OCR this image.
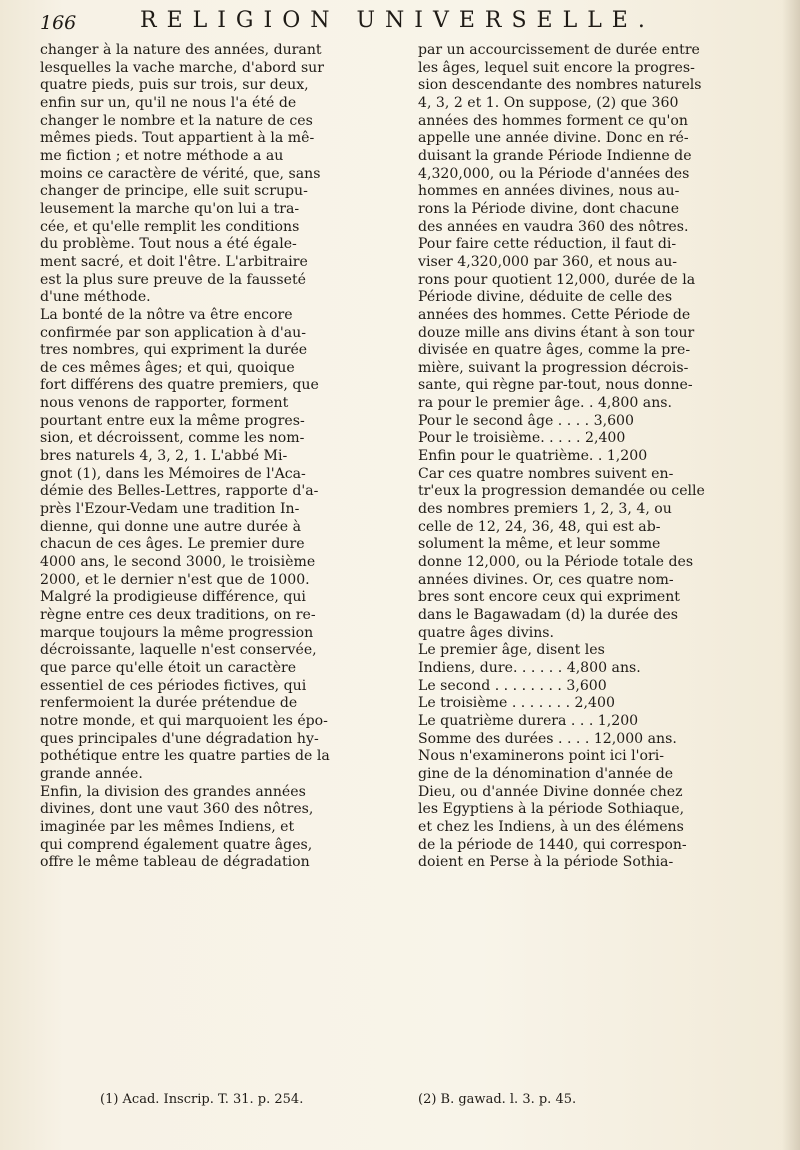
166	RELIGION UNIVERSELLE.
changer à la nature des années, durant
lesquelles la vache marche, d'abord sur
quatre pieds, puis sur trois, sur deux,
enfin sur un, qu'il ne nous l'a été de
changer le nombre et la nature de ces
mêmes pieds. Tout appartient à la mê-
me fiction ; et notre méthode a au
moins ce caractère de vérité, que, sans
changer de principe, elle suit scrupu-
leusement la marche qu'on lui a tra-
cée, et qu'elle remplit les conditions
du problème. Tout nous a été égale-
ment sacré, et doit l'être. L'arbitraire
est la plus sure preuve de la fausseté
d'une méthode.
La bonté de la nôtre va être encore
confirmée par son application à d'au-
tres nombres, qui expriment la durée
de ces mêmes âges; et qui, quoique
fort différens des quatre premiers, que
nous venons de rapporter, forment
pourtant entre eux la même progres-
sion, et décroissent, comme les nom-
bres naturels 4, 3, 2, 1. L'abbé Mi-
gnot (1), dans les Mémoires de l'Aca-
démie des Belles-Lettres, rapporte d'a-
près l'Ezour-Vedam une tradition In-
dienne, qui donne une autre durée à
chacun de ces âges. Le premier dure
4000 ans, le second 3000, le troisième
2000, et le dernier n'est que de 1000.
Malgré la prodigieuse différence, qui
règne entre ces deux traditions, on re-
marque toujours la même progression
décroissante, laquelle n'est conservée,
que parce qu'elle étoit un caractère
essentiel de ces périodes fictives, qui
renfermoient la durée prétendue de
notre monde, et qui marquoient les épo-
ques principales d'une dégradation hy-
pothétique entre les quatre parties de la
grande année.
Enfin, la division des grandes années
divines, dont une vaut 360 des nôtres,
imaginée par les mêmes Indiens, et
qui comprend également quatre âges,
offre le même tableau de dégradation
par un accourcissement de durée entre
les âges, lequel suit encore la progres-
sion descendante des nombres naturels
4, 3, 2 et 1. On suppose, (2) que 360
années des hommes forment ce qu'on
appelle une année divine. Donc en ré-
duisant la grande Période Indienne de
4,320,000, ou la Période d'années des
hommes en années divines, nous au-
rons la Période divine, dont chacune
des années en vaudra 360 des nôtres.
Pour faire cette réduction, il faut di-
viser 4,320,000 par 360, et nous au-
rons pour quotient 12,000, durée de la
Période divine, déduite de celle des
années des hommes. Cette Période de
douze mille ans divins étant à son tour
divisée en quatre âges, comme la pre-
mière, suivant la progression décrois-
sante, qui règne par-tout, nous donne-
ra pour le premier âge. . 4,800 ans.
Pour le second âge . . . . 3,600
Pour le troisième. . . . . 2,400
Enfin pour le quatrième. . 1,200
Car ces quatre nombres suivent en-
tr'eux la progression demandée ou celle
des nombres premiers 1, 2, 3, 4, ou
celle de 12, 24, 36, 48, qui est ab-
solument la même, et leur somme
donne 12,000, ou la Période totale des
années divines. Or, ces quatre nom-
bres sont encore ceux qui expriment
dans le Bagawadam (d) la durée des
quatre âges divins.
Le premier âge, disent les
Indiens, dure. . . . . . 4,800 ans.
Le second . . . . . . . . 3,600
Le troisième . . . . . . . 2,400
Le quatrième durera . . . 1,200
Somme des durées . . . . 12,000 ans.
Nous n'examinerons point ici l'ori-
gine de la dénomination d'année de
Dieu, ou d'année Divine donnée chez
les Egyptiens à la période Sothiaque,
et chez les Indiens, à un des élémens
de la période de 1440, qui correspon-
doient en Perse à la période Sothia-
(1) Acad. Inscrip. T. 31. p. 254.	(2) B. gawad. l. 3. p. 45.
